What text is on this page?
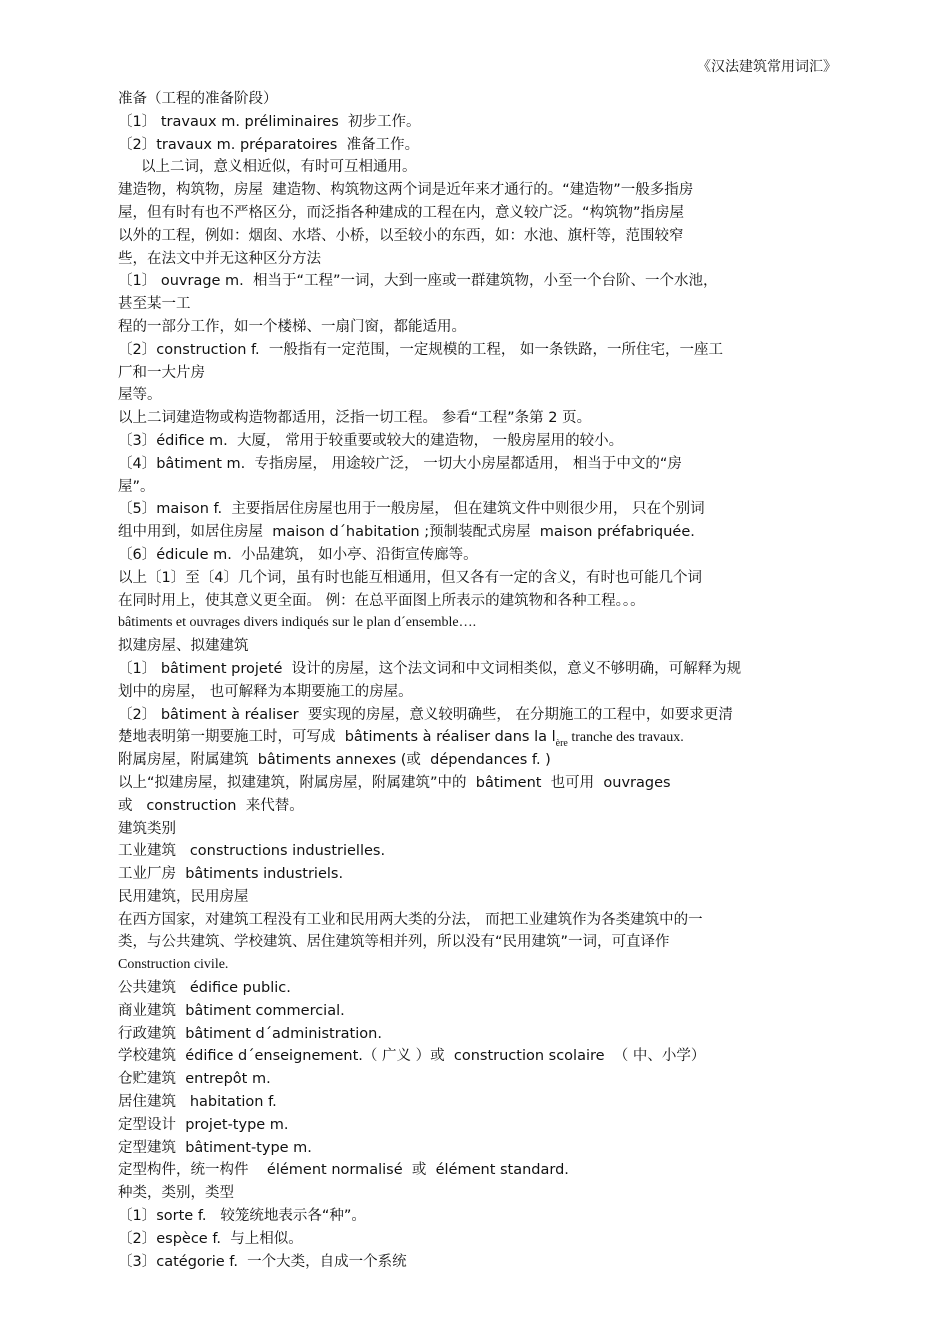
《汉法建筑常用词汇》
准备（工程的准备阶段）
〔1〕 travaux m. préliminaires  初步工作。
〔2〕travaux m. préparatoires  准备工作。
以上二词，意义相近似，有时可互相通用。
建造物，构筑物，房屋  建造物、构筑物这两个词是近年来才通行的。“建造物”一般多指房
屋，但有时有也不严格区分，而泛指各种建成的工程在内，意义较广泛。“构筑物”指房屋
以外的工程，例如：烟囱、水塔、小桥，以至较小的东西，如：水池、旗杆等，范围较窄
些，在法文中并无这种区分方法
〔1〕 ouvrage m.  相当于“工程”一词，大到一座或一群建筑物，小至一个台阶、一个水池，
甚至某一工
程的一部分工作，如一个楼梯、一扇门窗，都能适用。
〔2〕construction f.  一般指有一定范围，一定规模的工程， 如一条铁路，一所住宅，一座工
厂和一大片房
屋等。
以上二词建造物或构造物都适用，泛指一切工程。 参看“工程”条第 2 页。
〔3〕édifice m.  大厦， 常用于较重要或较大的建造物， 一般房屋用的较小。
〔4〕bâtiment m.  专指房屋， 用途较广泛， 一切大小房屋都适用， 相当于中文的“房
屋”。
〔5〕maison f.  主要指居住房屋也用于一般房屋， 但在建筑文件中则很少用， 只在个别词
组中用到，如居住房屋  maison d´habitation ;预制装配式房屋  maison préfabriquée.
〔6〕édicule m.  小品建筑， 如小亭、沿街宣传廊等。
以上〔1〕至〔4〕几个词，虽有时也能互相通用，但又各有一定的含义，有时也可能几个词
在同时用上，使其意义更全面。 例：在总平面图上所表示的建筑物和各种工程。。。
bâtiments et ouvrages divers indiqués sur le plan d´ensemble….
拟建房屋、拟建建筑
〔1〕 bâtiment projeté  设计的房屋，这个法文词和中文词相类似，意义不够明确，可解释为规
划中的房屋， 也可解释为本期要施工的房屋。
〔2〕 bâtiment à réaliser  要实现的房屋，意义较明确些， 在分期施工的工程中，如要求更清
楚地表明第一期要施工时，可写成  bâtiments à réaliser dans la $l_{ère}$ tranche des travaux.
附属房屋，附属建筑  bâtiments annexes (或  dépendances f. )
以上“拟建房屋，拟建建筑，附属房屋，附属建筑”中的  bâtiment  也可用  ouvrages
或   construction  来代替。
建筑类别
工业建筑   constructions industrielles.
工业厂房  bâtiments industriels.
民用建筑，民用房屋
在西方国家，对建筑工程没有工业和民用两大类的分法， 而把工业建筑作为各类建筑中的一
类，与公共建筑、学校建筑、居住建筑等相并列，所以没有“民用建筑”一词，可直译作
Construction civile.
公共建筑   édifice public.
商业建筑  bâtiment commercial.
行政建筑  bâtiment d´administration.
学校建筑  édifice d´enseignement.（ 广义 ）或  construction scolaire  （ 中、小学）
仓贮建筑  entrepôt m.
居住建筑   habitation f.
定型设计  projet-type m.
定型建筑  bâtiment-type m.
定型构件，统一构件    élément normalisé  或  élément standard.
种类，类别，类型
〔1〕sorte f.   较笼统地表示各“种”。
〔2〕espèce f.  与上相似。
〔3〕catégorie f.  一个大类，自成一个系统
